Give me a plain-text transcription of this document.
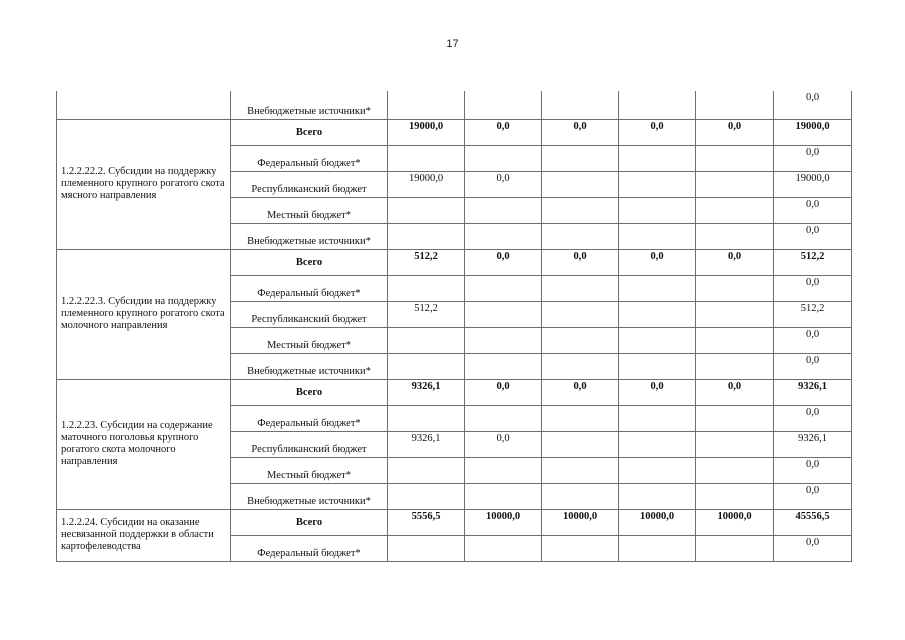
17
	Внебюджетные источники*						0,0
1.2.2.22.2. Субсидии на поддержку племенного крупного рогатого скота мясного направления	Всего	19000,0	0,0	0,0	0,0	0,0	19000,0
	Федеральный бюджет*						0,0
	Республиканский бюджет	19000,0	0,0				19000,0
	Местный бюджет*						0,0
	Внебюджетные источники*						0,0
1.2.2.22.3. Субсидии на поддержку племенного крупного рогатого скота молочного направления	Всего	512,2	0,0	0,0	0,0	0,0	512,2
	Федеральный бюджет*						0,0
	Республиканский бюджет	512,2					512,2
	Местный бюджет*						0,0
	Внебюджетные источники*						0,0
1.2.2.23. Субсидии на содержание маточного поголовья крупного рогатого скота молочного направления	Всего	9326,1	0,0	0,0	0,0	0,0	9326,1
	Федеральный бюджет*						0,0
	Республиканский бюджет	9326,1	0,0				9326,1
	Местный бюджет*						0,0
	Внебюджетные источники*						0,0
1.2.2.24. Субсидии на оказание несвязанной поддержки в области картофелеводства	Всего	5556,5	10000,0	10000,0	10000,0	10000,0	45556,5
	Федеральный бюджет*						0,0
